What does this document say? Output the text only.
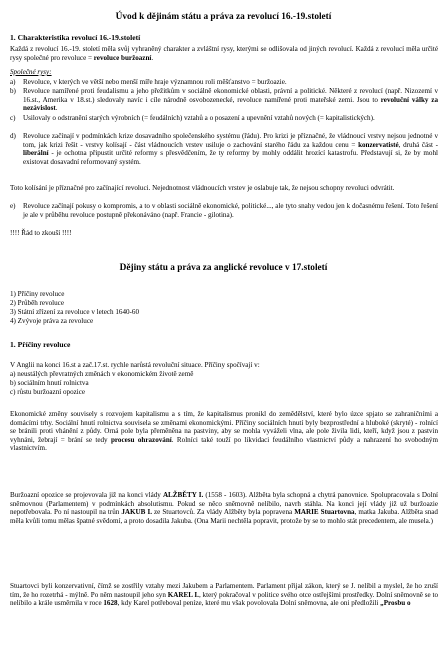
Úvod k dějinám státu a práva za revolucí 16.-19.století
1. Charakteristika revolucí 16.-19.století

Každá z revolucí 16.-19. století měla svůj vyhraněný charakter a zvláštní rysy, kterými se odlišovala od jiných revolucí. Každá z revolucí měla určité rysy společné pro revoluce = revoluce buržoazní.

Společné rysy:
a) Revoluce, v kterých ve větší nebo menší míře hraje významnou roli měšťanstvo = buržoazie.
b) Revoluce namířené proti feudalismu a jeho přežitkům v sociálně ekonomické oblasti, právní a politické. Některé z revolucí (např. Nizozemí v 16.st., Amerika v 18.st.) sledovaly navíc i cíle národně osvobozenecké, revoluce namířené proti mateřské zemi. Jsou to revoluční války za nezávislost.
c) Usilovaly o odstranění starých výrobních (= feudálních) vztahů a o posazení a upevnění vztahů nových (= kapitalistických).
d) Revoluce začínají v podmínkách krize dosavadního společenského systému (řádu). Pro krizi je příznačné, že vládnoucí vrstvy nejsou jednotné v tom, jak krizi řešit - vrstvy kolísají - část vládnoucích vrstev usiluje o zachování starého řádu za každou cenu = konzervatisté, druhá část - liberální - je ochotna připustit určité reformy s přesvědčením, že ty reformy by mohly oddálit hrozící katastrofu. Představují si, že by mohl existovat dosavadní reformovaný systém.

Toto kolísání je příznačné pro začínající revoluci. Nejednotnost vládnoucích vrstev je oslabuje tak, že nejsou schopny revoluci odvrátit.

e) Revoluce začínají pokusy o kompromis, a to v oblasti sociálně ekonomické, politické..., ale tyto snahy vedou jen k dočasnému řešení. Toto řešení je ale v průběhu revoluce postupně překonáváno (např. Francie - gilotina).
!!!! Řád to zkouší !!!!
Dějiny státu a práva za anglické revoluce v 17.století
1) Příčiny revoluce
2) Průběh revoluce
3) Státní zřízení za revoluce v letech 1640-60
4) Zvývoje práva za revoluce
1. Příčiny revoluce
V Anglii na konci 16.st a zač.17.st. rychle narůstá revoluční situace. Příčiny spočívají v:
a) neustálých převratných změnách v ekonomickém životě země
b) sociálním hnutí rolnictva
c) růstu buržoazní opozice

Ekonomické změny souvisely s rozvojem kapitalismu a s tím, že kapitalismus pronikl do zemědělství, které bylo úzce spjato se zahraničními a domácími trhy. Sociální hnutí rolnictva souvisela se změnami ekonomickými. Příčiny sociálních hnutí byly bezprostřední a hluboké (skryté) - rolnící se bránili proti vhánění z půdy. Orná pole byla přeměněna na pastviny, aby se mohla vyváželi vlna, ale pole živila lidi, kteří, když jsou z pastvin vyhnáni, žebrají = brání se tedy procesu ohrazování. Rolníci také touží po likvidaci feudálního vlastnictví půdy a nahrazení ho svobodným vlastnictvím.

Buržoazní opozice se projevovala již na konci vlády ALŽBĚTY I. (1558 - 1603). Alžběta byla schopná a chytrá panovnice. Spolupracovala s Dolní sněmovnou (Parlamentem) v podmínkách absolutismu. Pokud se něco sněmovně nelíbilo, navrh stáhla. Na konci její vlády již už buržoazie nepotřebovala. Po ní nastoupil na trůn JAKUB I. ze Stuartovců. Za vlády Alžběty byla popravena MARIE Stuartovna, matka Jakuba. Alžběta snad měla kvůli tomu mělas špatné svědomí, a proto dosadila Jakuba. (Ona Marii nechtěla popravit, protože by se to mohlo stát precedentem, ale musela.)

Stuartovci byli konzervativní, čímž se zostřily vztahy mezi Jakubem a Parlamentem. Parlament přijal zákon, který se J. nelíbil a myslel, že ho zruší tím, že ho rozetrhá - mýlně. Po něm nastoupil jeho syn KAREL I., který pokračoval v politice svého otce ostřejšími prostředky. Dolní sněmovně se to nelíbilo a krále usměrnila v roce 1628, kdy Karel potřeboval peníze, které mu však povolovala Dolní sněmovna, ale oni předložili „Prosbu o
